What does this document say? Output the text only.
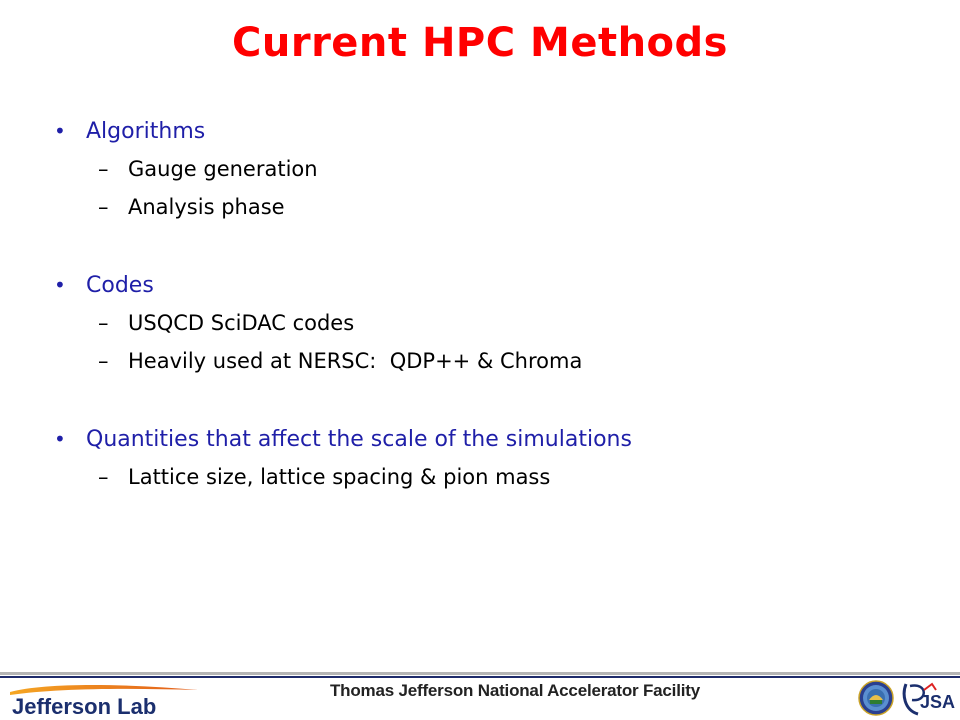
Current HPC Methods
• Algorithms
– Gauge generation
– Analysis phase
• Codes
– USQCD SciDAC codes
– Heavily used at NERSC:  QDP++ & Chroma
• Quantities that affect the scale of the simulations
– Lattice size, lattice spacing & pion mass
Jefferson Lab
Thomas Jefferson National Accelerator Facility
JSA
